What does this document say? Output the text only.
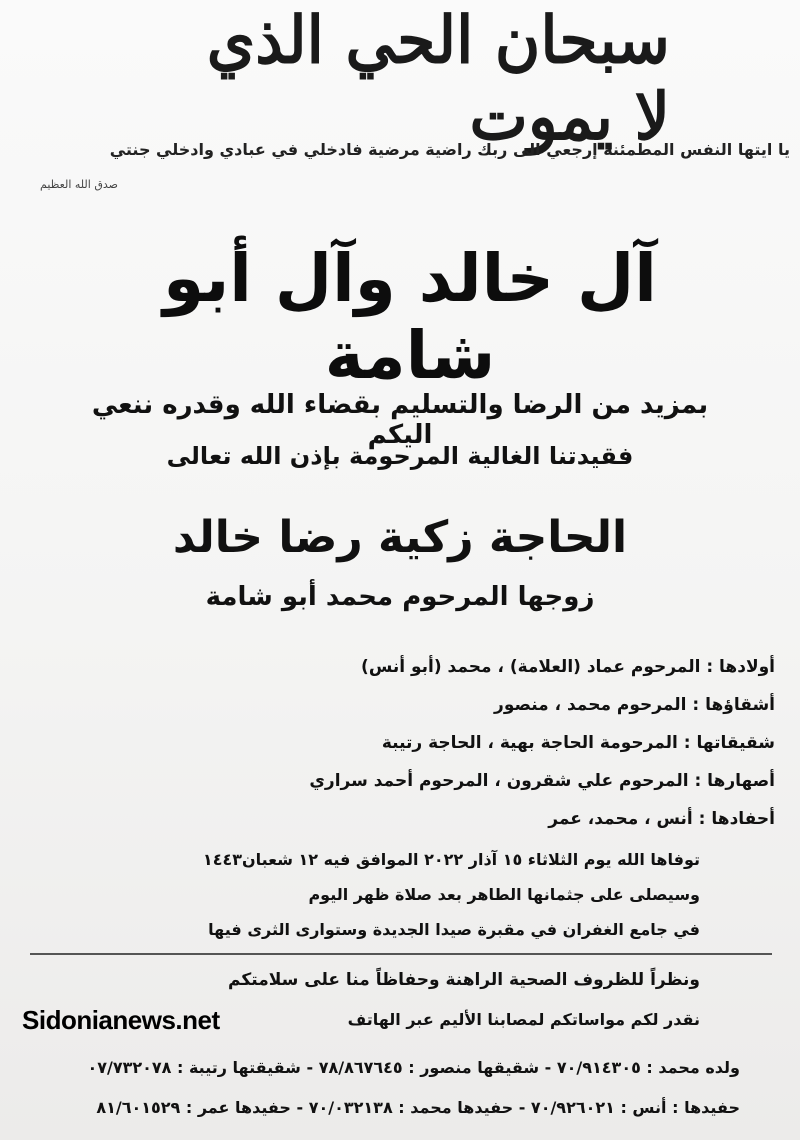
سبحان الحي الذي لا يموت
يا ايتها النفس المطمئنة إرجعي الى ربك راضية مرضية فادخلي في عبادي وادخلي جنتي
صدق الله العظيم
آل خالد وآل أبو شامة
بمزيد من الرضا والتسليم بقضاء الله وقدره ننعي اليكم
فقيدتنا الغالية المرحومة بإذن الله تعالى
الحاجة زكية رضا خالد
زوجها المرحوم محمد أبو شامة
أولادها : المرحوم عماد (العلامة) ، محمد (أبو أنس)
أشقاؤها : المرحوم محمد ، منصور
شقيقاتها : المرحومة الحاجة بهية ، الحاجة رتيبة
أصهارها : المرحوم علي شقرون ، المرحوم أحمد سراري
أحفادها : أنس ، محمد، عمر
توفاها الله يوم الثلاثاء ١٥ آذار ٢٠٢٢ الموافق فيه ١٢ شعبان١٤٤٣
وسيصلى على جثمانها الطاهر بعد صلاة ظهر اليوم
في جامع الغفران في مقبرة صيدا الجديدة وستوارى الثرى فيها
ونظراً للظروف الصحية الراهنة وحفاظاً منا على سلامتكم
نقدر لكم مواساتكم لمصابنا الأليم عبر الهاتف
ولده محمد : ٧٠/٩١٤٣٠٥ - شقيقها منصور : ٧٨/٨٦٧٦٤٥ - شقيقتها رتيبة : ٠٧/٧٣٢٠٧٨
حفيدها : أنس : ٧٠/٩٢٦٠٢١ - حفيدها محمد : ٧٠/٠٣٢١٣٨ - حفيدها عمر : ٨١/٦٠١٥٢٩
Sidonianews.net
